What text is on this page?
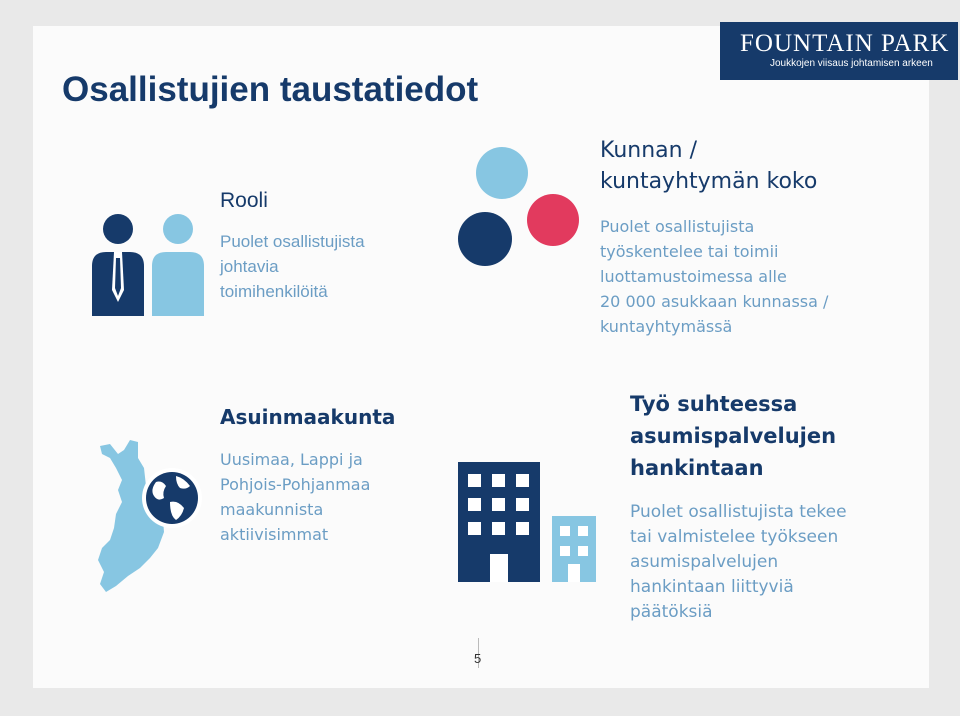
FOUNTAIN PARK
Joukkojen viisaus johtamisen arkeen
Osallistujien taustatiedot
Rooli
Puolet osallistujista
johtavia
toimihenkilöitä
Kunnan /
kuntayhtymän koko
Puolet osallistujista
työskentelee tai toimii
luottamustoimessa alle
20 000 asukkaan kunnassa /
kuntayhtymässä
Asuinmaakunta
Uusimaa, Lappi ja
Pohjois-Pohjanmaa
maakunnista
aktiivisimmat
Työ suhteessa
asumispalvelujen
hankintaan
Puolet osallistujista tekee
tai valmistelee työkseen
asumispalvelujen
hankintaan liittyviä
päätöksiä
5
